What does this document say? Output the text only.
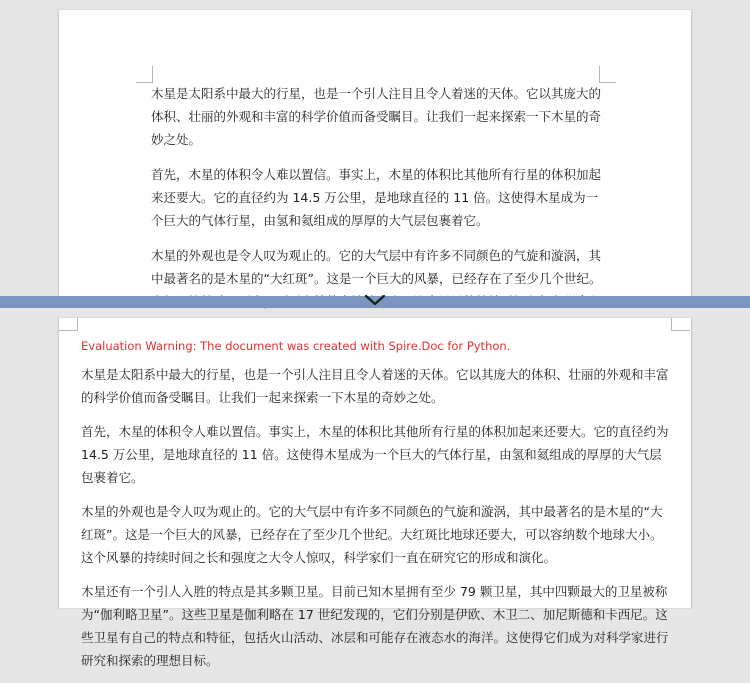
木星是太阳系中最大的行星，也是一个引人注目且令人着迷的天体。它以其庞大的体积、壮丽的外观和丰富的科学价值而备受瞩目。让我们一起来探索一下木星的奇妙之处。

首先，木星的体积令人难以置信。事实上，木星的体积比其他所有行星的体积加起来还要大。它的直径约为 14.5 万公里，是地球直径的 11 倍。这使得木星成为一个巨大的气体行星，由氢和氦组成的厚厚的大气层包裹着它。

木星的外观也是令人叹为观止的。它的大气层中有许多不同颜色的气旋和漩涡，其中最著名的是木星的“大红斑”。这是一个巨大的风暴，已经存在了至少几个世纪。

Evaluation Warning: The document was created with Spire.Doc for Python.

木星是太阳系中最大的行星，也是一个引人注目且令人着迷的天体。它以其庞大的体积、壮丽的外观和丰富的科学价值而备受瞩目。让我们一起来探索一下木星的奇妙之处。

首先，木星的体积令人难以置信。事实上，木星的体积比其他所有行星的体积加起来还要大。它的直径约为 14.5 万公里，是地球直径的 11 倍。这使得木星成为一个巨大的气体行星，由氢和氦组成的厚厚的大气层包裹着它。

木星的外观也是令人叹为观止的。它的大气层中有许多不同颜色的气旋和漩涡，其中最著名的是木星的“大红斑”。这是一个巨大的风暴，已经存在了至少几个世纪。大红斑比地球还要大，可以容纳数个地球大小。这个风暴的持续时间之长和强度之大令人惊叹，科学家们一直在研究它的形成和演化。

木星还有一个引人入胜的特点是其多颗卫星。目前已知木星拥有至少 79 颗卫星，其中四颗最大的卫星被称为“伽利略卫星”。这些卫星是伽利略在 17 世纪发现的，它们分别是伊欧、木卫二、加尼斯德和卡西尼。这些卫星有自己的特点和特征，包括火山活动、冰层和可能存在液态水的海洋。这使得它们成为对科学家进行研究和探索的理想目标。
